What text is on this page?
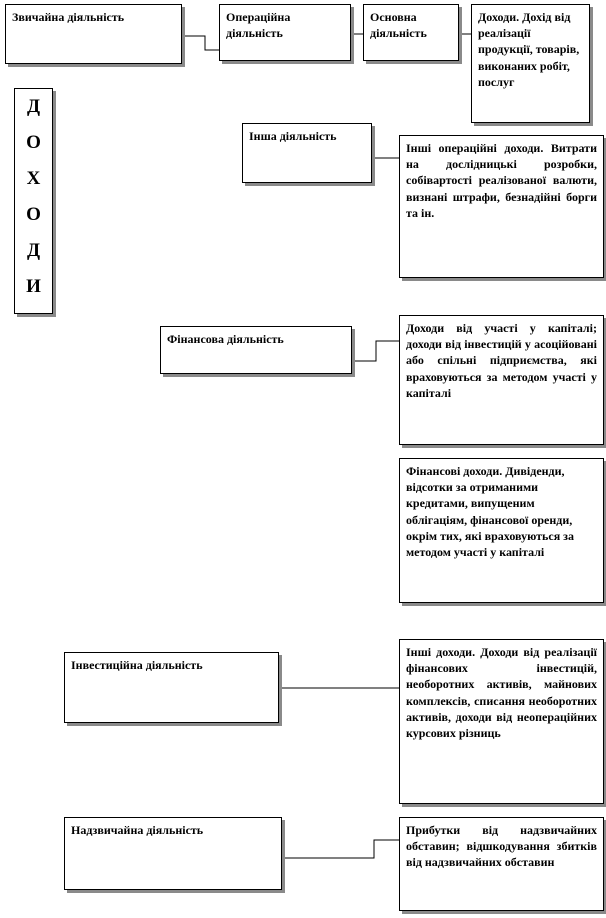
Д
О
Х
О
Д
И
Звичайна діяльність	Операційна діяльність
Основна діяльність
Доходи. Дохід від реалізації продукції, товарів, виконаних робіт, послуг
Інша діяльність
Інші операційні доходи. Витрати на дослідницькі розробки, собівартості реалізованої валюти, визнані штрафи, безнадійні борги та ін.
Фінансова діяльність
Доходи від участі у капіталі; доходи від інвестицій у асоційовані або спільні підприємства, які враховуються за методом участі у капіталі
Фінансові доходи. Дивіденди, відсотки за отриманими кредитами, випущеним облігаціям, фінансової оренди, окрім тих, які враховуються за методом участі у капіталі
Інвестиційна діяльність
Інші доходи. Доходи від реалізації фінансових інвестицій, необоротних активів, майнових комплексів, списання необоротних активів, доходи від неопераційних курсових різниць
Надзвичайна діяльність	Прибутки від надзвичайних обставин; відшкодування збитків від надзвичайних обставин
